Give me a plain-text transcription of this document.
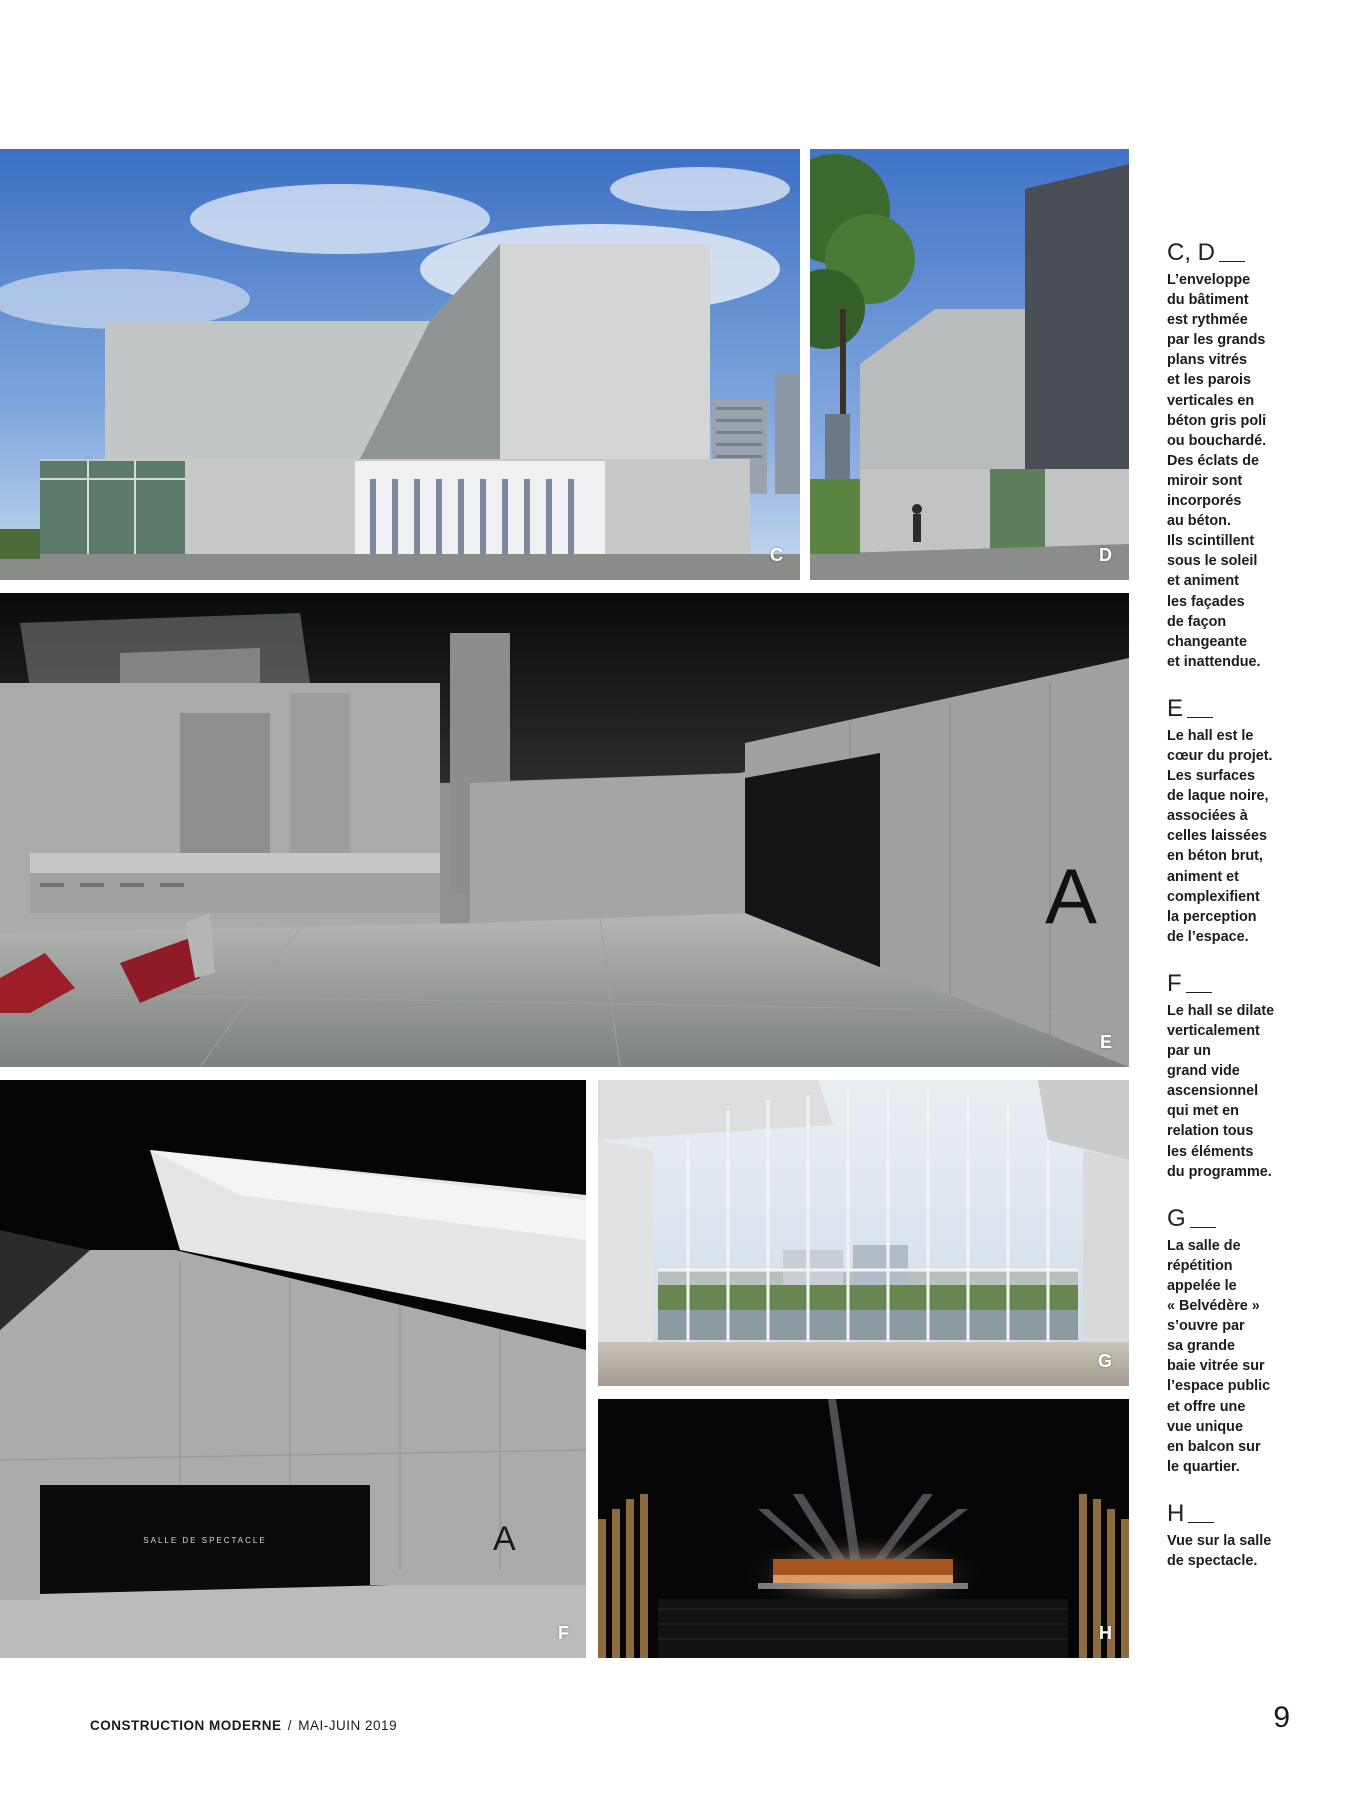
C	D
A
E
SALLE DE SPECTACLE	A
F
G
H
C, D
L’enveloppe
du bâtiment
est rythmée
par les grands
plans vitrés
et les parois
verticales en
béton gris poli
ou bouchardé.
Des éclats de
miroir sont
incorporés
au béton.
Ils scintillent
sous le soleil
et animent
les façades
de façon
changeante
et inattendue.
E
Le hall est le
cœur du projet.
Les surfaces
de laque noire,
associées à
celles laissées
en béton brut,
animent et
complexifient
la perception
de l’espace.
F
Le hall se dilate
verticalement
par un
grand vide
ascensionnel
qui met en
relation tous
les éléments
du programme.
G
La salle de
répétition
appelée le
« Belvédère »
s’ouvre par
sa grande
baie vitrée sur
l’espace public
et offre une
vue unique
en balcon sur
le quartier.
H
Vue sur la salle
de spectacle.
CONSTRUCTION MODERNE / MAI-JUIN 2019	9
